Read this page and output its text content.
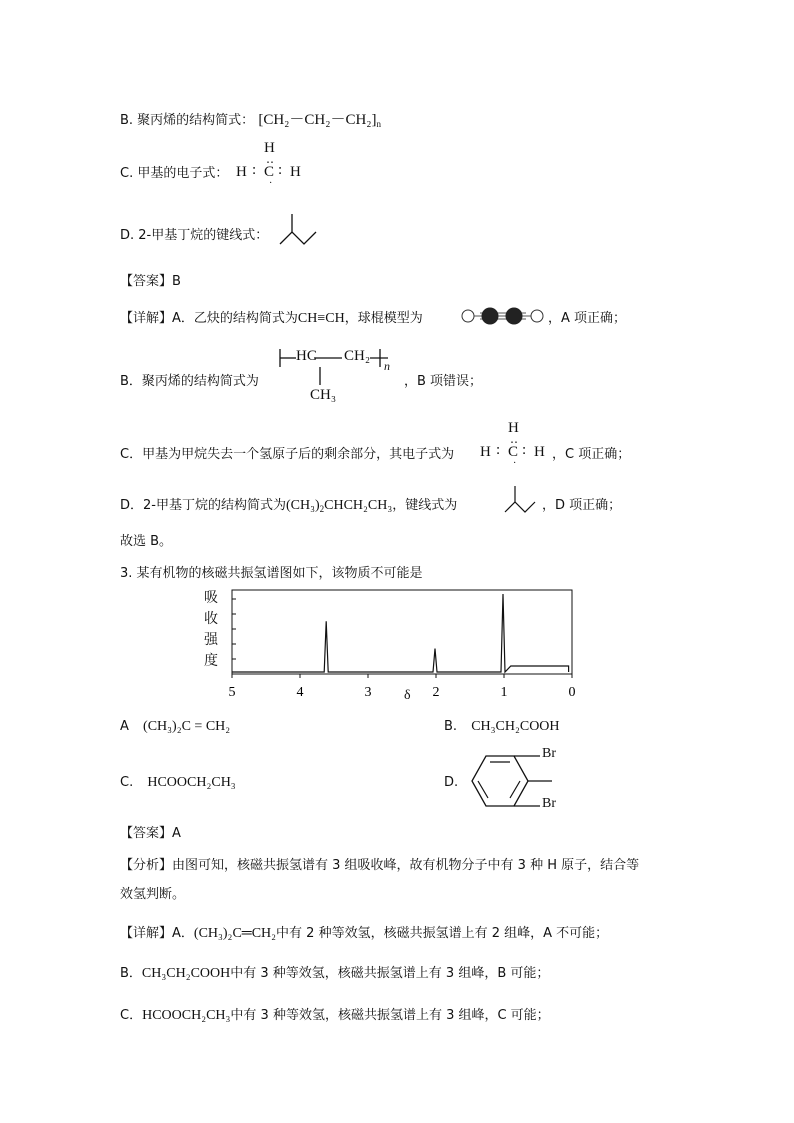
B. 聚丙烯的结构简式： $[CH_2-CH_2-CH_2]_n$
C. 甲基的电子式：
H
‥
H : C : H
·
D. 2-甲基丁烷的键线式：
【答案】B
【详解】A．乙炔的结构简式为CH≡CH，球棍模型为	，A 项正确；
B．聚丙烯的结构简式为
HC CH₂
n
CH₃
，B 项错误；
C．甲基为甲烷失去一个氢原子后的剩余部分，其电子式为
H
‥
H : C : H
·
，C 项正确；
D．2-甲基丁烷的结构简式为$(CH_3)_2CHCH_2CH_3$，键线式为	，D 项正确；
故选 B。
3. 某有机物的核磁共振氢谱图如下，该物质不可能是
吸
收
强
度
5	4	3	2	1	0
δ
A (CH₃)₂C = CH₂	B. CH₃CH₂COOH
C. HCOOCH₂CH₃	D.
Br
Br
【答案】A
【分析】由图可知，核磁共振氢谱有 3 组吸收峰，故有机物分子中有 3 种 H 原子，结合等
效氢判断。
【详解】A．(CH₃)₂C═CH₂中有 2 种等效氢，核磁共振氢谱上有 2 组峰，A 不可能；
B．CH₃CH₂COOH中有 3 种等效氢，核磁共振氢谱上有 3 组峰，B 可能；
C．HCOOCH₂CH₃中有 3 种等效氢，核磁共振氢谱上有 3 组峰，C 可能；
